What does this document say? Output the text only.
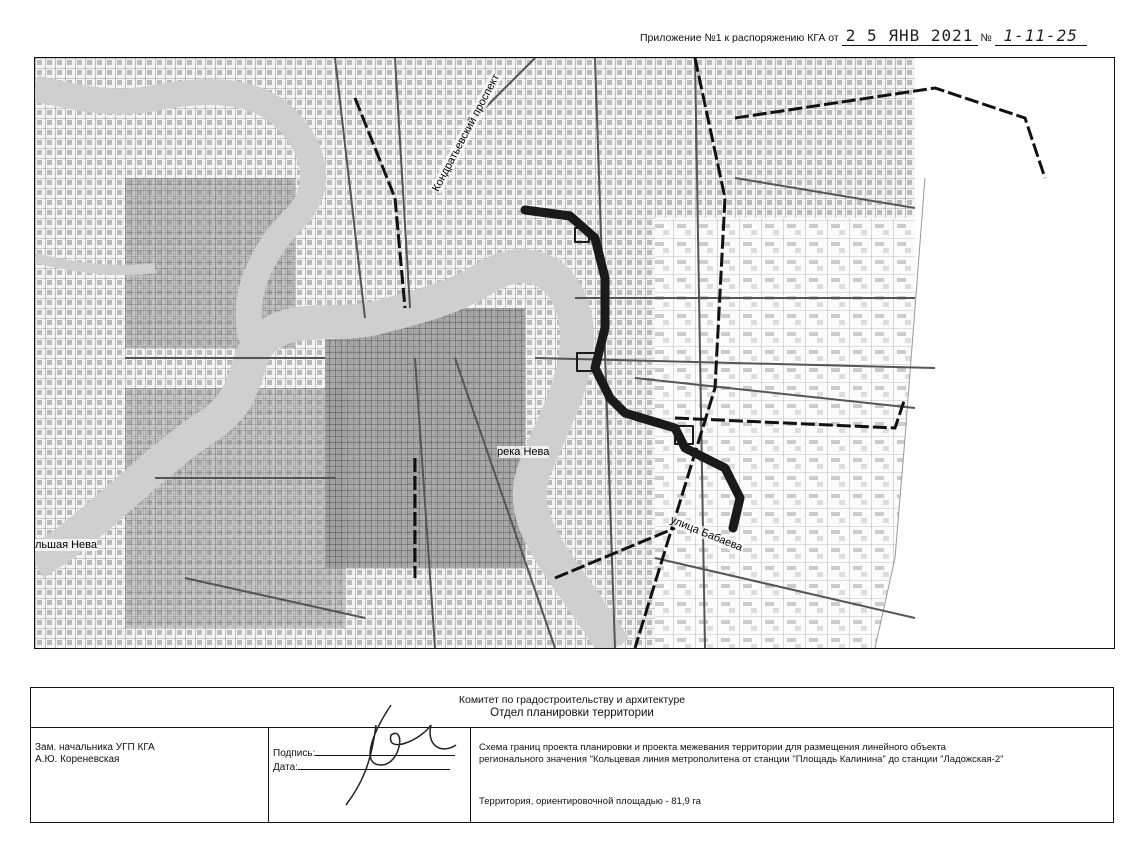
Приложение №1 к распоряжению КГА от 2 5 ЯНВ 2021 № 1-11-25
река Нева
льшая Нева
Кондратьевский проспект
улица Бабаева
Комитет по градостроительству и архитектуре
Отдел планировки территории
Зам. начальника УГП КГА
А.Ю. Кореневская
Подпись:
Дата:
Схема границ проекта планировки и проекта межевания территории для размещения линейного объекта
регионального значения "Кольцевая линия метрополитена от станции "Площадь Калинина" до станции "Ладожская-2"
Территория, ориентировочной площадью - 81,9 га
